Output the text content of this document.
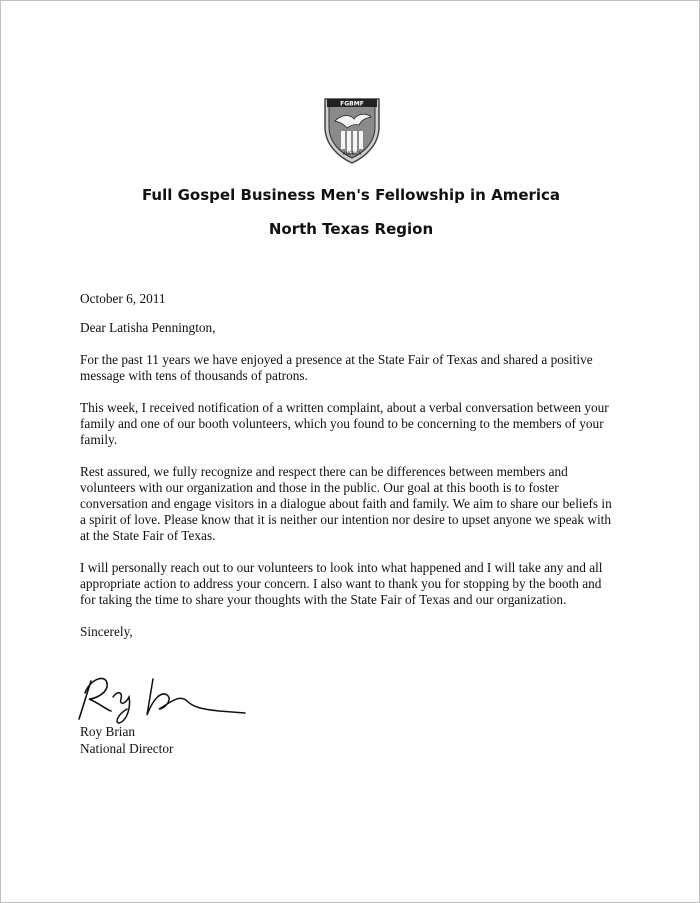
FGBMF
AMERICA
Full Gospel Business Men's Fellowship in America
North Texas Region

October 6, 2011

Dear Latisha Pennington,

For the past 11 years we have enjoyed a presence at the State Fair of Texas and shared a positive message with tens of thousands of patrons.

This week, I received notification of a written complaint, about a verbal conversation between your family and one of our booth volunteers, which you found to be concerning to the members of your family.

Rest assured, we fully recognize and respect there can be differences between members and volunteers with our organization and those in the public. Our goal at this booth is to foster conversation and engage visitors in a dialogue about faith and family. We aim to share our beliefs in a spirit of love. Please know that it is neither our intention nor desire to upset anyone we speak with at the State Fair of Texas.

I will personally reach out to our volunteers to look into what happened and I will take any and all appropriate action to address your concern. I also want to thank you for stopping by the booth and for taking the time to share your thoughts with the State Fair of Texas and our organization.

Sincerely,

Roy Brian
National Director
